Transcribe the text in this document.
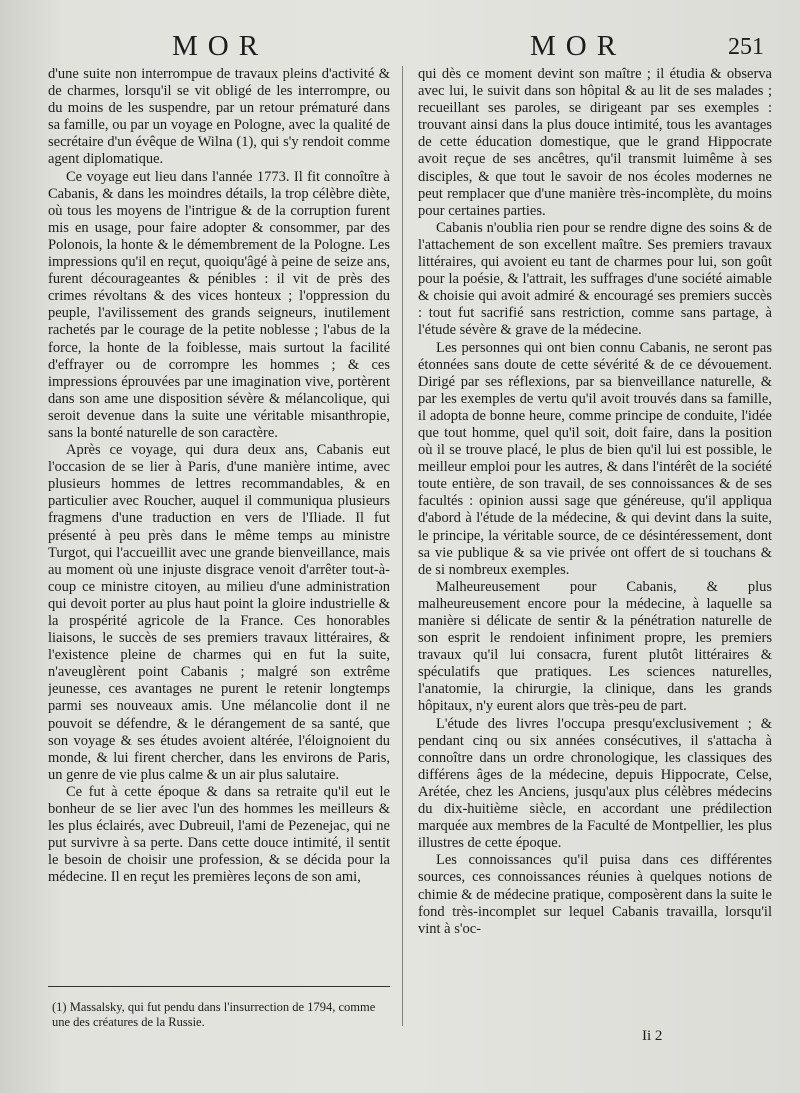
MOR	MOR	251

d'une suite non interrompue de travaux pleins d'activité & de charmes, lorsqu'il se vit obligé de les interrompre, ou du moins de les suspendre, par un retour prématuré dans sa famille, ou par un voyage en Pologne, avec la qualité de secrétaire d'un évêque de Wilna (1), qui s'y rendoit comme agent diplomatique.

Ce voyage eut lieu dans l'année 1773. Il fit connoître à Cabanis, & dans les moindres détails, la trop célèbre diète, où tous les moyens de l'intrigue & de la corruption furent mis en usage, pour faire adopter & consommer, par des Polonois, la honte & le démembrement de la Pologne. Les impressions qu'il en reçut, quoiqu'âgé à peine de seize ans, furent décourageantes & pénibles : il vit de près des crimes révoltans & des vices honteux ; l'oppression du peuple, l'avilissement des grands seigneurs, inutilement rachetés par le courage de la petite noblesse ; l'abus de la force, la honte de la foiblesse, mais surtout la facilité d'effrayer ou de corrompre les hommes ; & ces impressions éprouvées par une imagination vive, portèrent dans son ame une disposition sévère & mélancolique, qui seroit devenue dans la suite une véritable misanthropie, sans la bonté naturelle de son caractère.

Après ce voyage, qui dura deux ans, Cabanis eut l'occasion de se lier à Paris, d'une manière intime, avec plusieurs hommes de lettres recommandables, & en particulier avec Roucher, auquel il communiqua plusieurs fragmens d'une traduction en vers de l'Iliade. Il fut présenté à peu près dans le même temps au ministre Turgot, qui l'accueillit avec une grande bienveillance, mais au moment où une injuste disgrace venoit d'arrêter tout-à-coup ce ministre citoyen, au milieu d'une administration qui devoit porter au plus haut point la gloire industrielle & la prospérité agricole de la France. Ces honorables liaisons, le succès de ses premiers travaux littéraires, & l'existence pleine de charmes qui en fut la suite, n'aveuglèrent point Cabanis ; malgré son extrême jeunesse, ces avantages ne purent le retenir longtemps parmi ses nouveaux amis. Une mélancolie dont il ne pouvoit se défendre, & le dérangement de sa santé, que son voyage & ses études avoient altérée, l'éloignoient du monde, & lui firent chercher, dans les environs de Paris, un genre de vie plus calme & un air plus salutaire.

Ce fut à cette époque & dans sa retraite qu'il eut le bonheur de se lier avec l'un des hommes les meilleurs & les plus éclairés, avec Dubreuil, l'ami de Pezenejac, qui ne put survivre à sa perte. Dans cette douce intimité, il sentit le besoin de choisir une profession, & se décida pour la médecine. Il en reçut les premières leçons de son ami,

qui dès ce moment devint son maître ; il étudia & observa avec lui, le suivit dans son hôpital & au lit de ses malades ; recueillant ses paroles, se dirigeant par ses exemples : trouvant ainsi dans la plus douce intimité, tous les avantages de cette éducation domestique, que le grand Hippocrate avoit reçue de ses ancêtres, qu'il transmit luimême à ses disciples, & que tout le savoir de nos écoles modernes ne peut remplacer que d'une manière très-incomplète, du moins pour certaines parties.

Cabanis n'oublia rien pour se rendre digne des soins & de l'attachement de son excellent maître. Ses premiers travaux littéraires, qui avoient eu tant de charmes pour lui, son goût pour la poésie, & l'attrait, les suffrages d'une société aimable & choisie qui avoit admiré & encouragé ses premiers succès : tout fut sacrifié sans restriction, comme sans partage, à l'étude sévère & grave de la médecine.

Les personnes qui ont bien connu Cabanis, ne seront pas étonnées sans doute de cette sévérité & de ce dévouement. Dirigé par ses réflexions, par sa bienveillance naturelle, & par les exemples de vertu qu'il avoit trouvés dans sa famille, il adopta de bonne heure, comme principe de conduite, l'idée que tout homme, quel qu'il soit, doit faire, dans la position où il se trouve placé, le plus de bien qu'il lui est possible, le meilleur emploi pour les autres, & dans l'intérêt de la société toute entière, de son travail, de ses connoissances & de ses facultés : opinion aussi sage que généreuse, qu'il appliqua d'abord à l'étude de la médecine, & qui devint dans la suite, le principe, la véritable source, de ce désintéressement, dont sa vie publique & sa vie privée ont offert de si touchans & de si nombreux exemples.

Malheureusement pour Cabanis, & plus malheureusement encore pour la médecine, à laquelle sa manière si délicate de sentir & la pénétration naturelle de son esprit le rendoient infiniment propre, les premiers travaux qu'il lui consacra, furent plutôt littéraires & spéculatifs que pratiques. Les sciences naturelles, l'anatomie, la chirurgie, la clinique, dans les grands hôpitaux, n'y eurent alors que très-peu de part.

L'étude des livres l'occupa presqu'exclusivement ; & pendant cinq ou six années consécutives, il s'attacha à connoître dans un ordre chronologique, les classiques des différens âges de la médecine, depuis Hippocrate, Celse, Arétée, chez les Anciens, jusqu'aux plus célèbres médecins du dix-huitième siècle, en accordant une prédilection marquée aux membres de la Faculté de Montpellier, les plus illustres de cette époque.

Les connoissances qu'il puisa dans ces différentes sources, ces connoissances réunies à quelques notions de chimie & de médecine pratique, composèrent dans la suite le fond très-incomplet sur lequel Cabanis travailla, lorsqu'il vint à s'oc-

(1) Massalsky, qui fut pendu dans l'insurrection de 1794, comme une des créatures de la Russie.
Ii 2
